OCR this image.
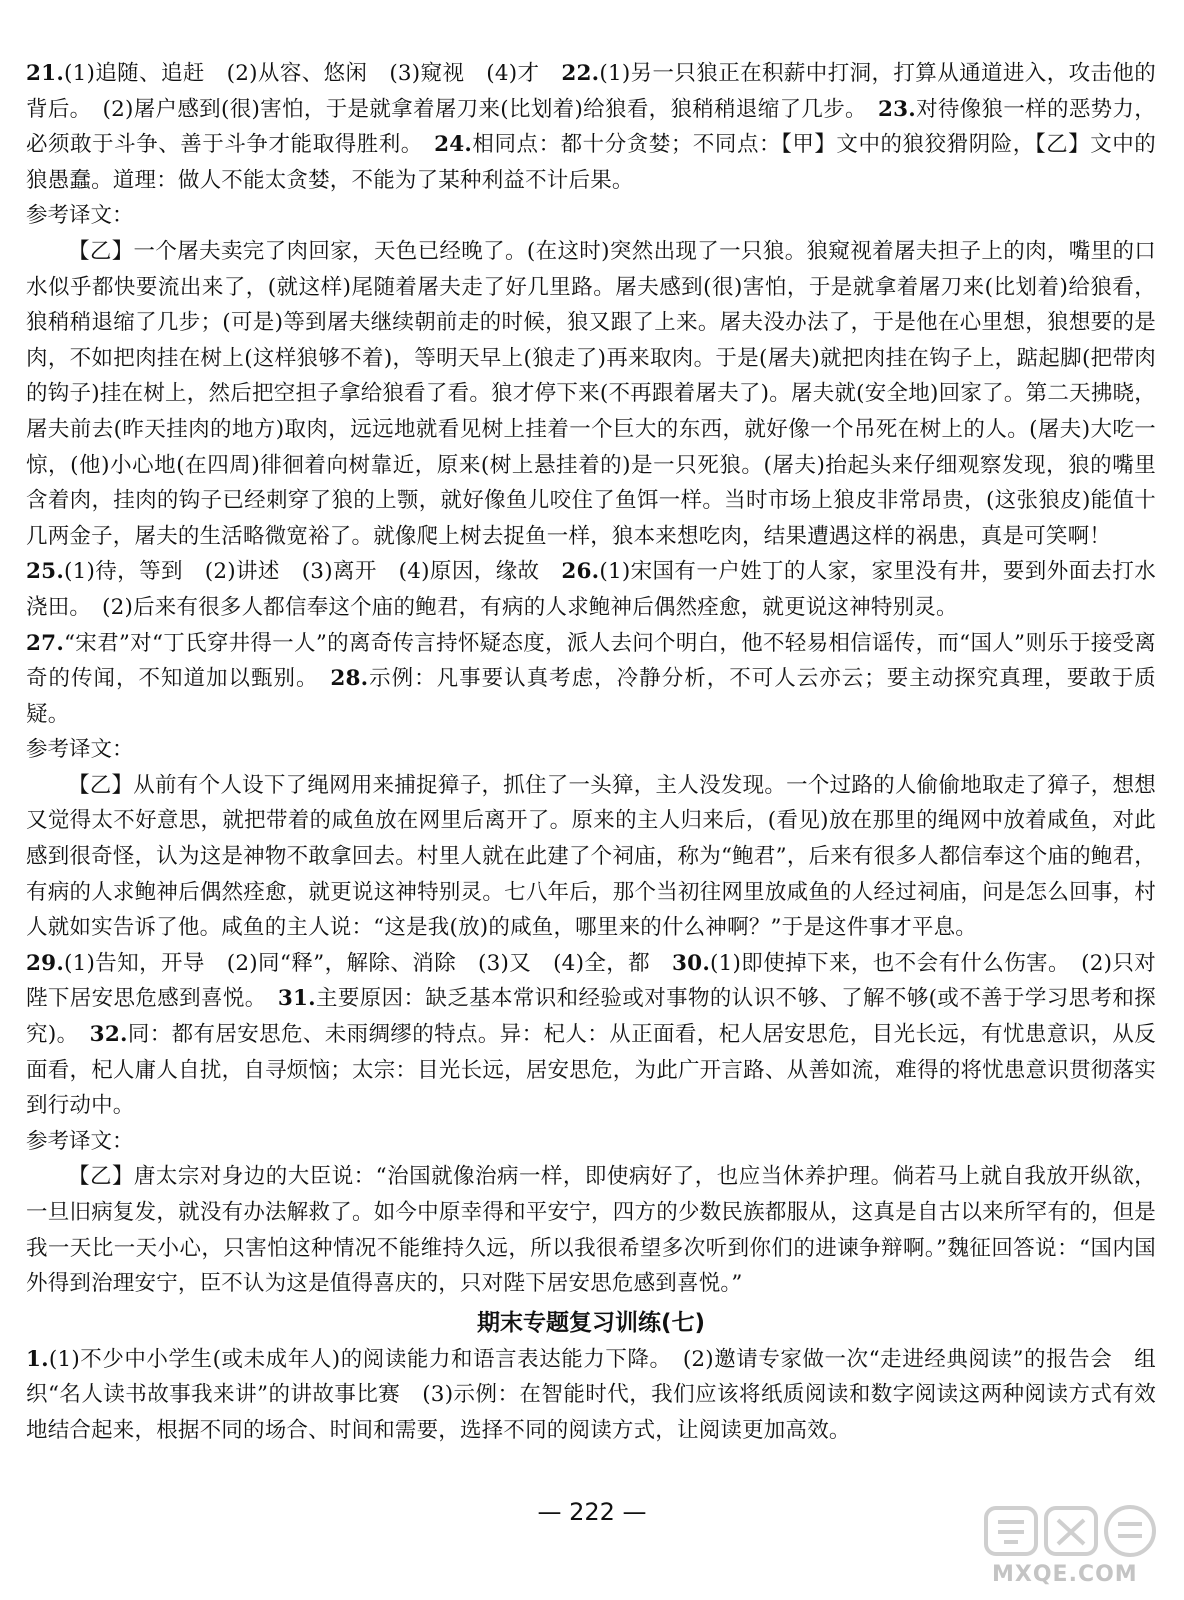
21.(1)追随、追赶　(2)从容、悠闲　(3)窥视　(4)才　22.(1)另一只狼正在积薪中打洞，打算从通道进入，攻击他的背后。　(2)屠户感到(很)害怕，于是就拿着屠刀来(比划着)给狼看，狼稍稍退缩了几步。　23.对待像狼一样的恶势力，必须敢于斗争、善于斗争才能取得胜利。　24.相同点：都十分贪婪；不同点：【甲】文中的狼狡猾阴险，【乙】文中的狼愚蠢。道理：做人不能太贪婪，不能为了某种利益不计后果。
参考译文：
【乙】一个屠夫卖完了肉回家，天色已经晚了。(在这时)突然出现了一只狼。狼窥视着屠夫担子上的肉，嘴里的口水似乎都快要流出来了，(就这样)尾随着屠夫走了好几里路。屠夫感到(很)害怕，于是就拿着屠刀来(比划着)给狼看，狼稍稍退缩了几步；(可是)等到屠夫继续朝前走的时候，狼又跟了上来。屠夫没办法了，于是他在心里想，狼想要的是肉，不如把肉挂在树上(这样狼够不着)，等明天早上(狼走了)再来取肉。于是(屠夫)就把肉挂在钩子上，踮起脚(把带肉的钩子)挂在树上，然后把空担子拿给狼看了看。狼才停下来(不再跟着屠夫了)。屠夫就(安全地)回家了。第二天拂晓，屠夫前去(昨天挂肉的地方)取肉，远远地就看见树上挂着一个巨大的东西，就好像一个吊死在树上的人。(屠夫)大吃一惊，(他)小心地(在四周)徘徊着向树靠近，原来(树上悬挂着的)是一只死狼。(屠夫)抬起头来仔细观察发现，狼的嘴里含着肉，挂肉的钩子已经刺穿了狼的上颚，就好像鱼儿咬住了鱼饵一样。当时市场上狼皮非常昂贵，(这张狼皮)能值十几两金子，屠夫的生活略微宽裕了。就像爬上树去捉鱼一样，狼本来想吃肉，结果遭遇这样的祸患，真是可笑啊！
25.(1)待，等到　(2)讲述　(3)离开　(4)原因，缘故　26.(1)宋国有一户姓丁的人家，家里没有井，要到外面去打水浇田。　(2)后来有很多人都信奉这个庙的鲍君，有病的人求鲍神后偶然痊愈，就更说这神特别灵。
27.“宋君”对“丁氏穿井得一人”的离奇传言持怀疑态度，派人去问个明白，他不轻易相信谣传，而“国人”则乐于接受离奇的传闻，不知道加以甄别。　28.示例：凡事要认真考虑，冷静分析，不可人云亦云；要主动探究真理，要敢于质疑。
参考译文：
【乙】从前有个人设下了绳网用来捕捉獐子，抓住了一头獐，主人没发现。一个过路的人偷偷地取走了獐子，想想又觉得太不好意思，就把带着的咸鱼放在网里后离开了。原来的主人归来后，(看见)放在那里的绳网中放着咸鱼，对此感到很奇怪，认为这是神物不敢拿回去。村里人就在此建了个祠庙，称为“鲍君”，后来有很多人都信奉这个庙的鲍君，有病的人求鲍神后偶然痊愈，就更说这神特别灵。七八年后，那个当初往网里放咸鱼的人经过祠庙，问是怎么回事，村人就如实告诉了他。咸鱼的主人说：“这是我(放)的咸鱼，哪里来的什么神啊？”于是这件事才平息。
29.(1)告知，开导　(2)同“释”，解除、消除　(3)又　(4)全，都　30.(1)即使掉下来，也不会有什么伤害。　(2)只对陛下居安思危感到喜悦。　31.主要原因：缺乏基本常识和经验或对事物的认识不够、了解不够(或不善于学习思考和探究)。　32.同：都有居安思危、未雨绸缪的特点。异：杞人：从正面看，杞人居安思危，目光长远，有忧患意识，从反面看，杞人庸人自扰，自寻烦恼；太宗：目光长远，居安思危，为此广开言路、从善如流，难得的将忧患意识贯彻落实到行动中。
参考译文：
【乙】唐太宗对身边的大臣说：“治国就像治病一样，即使病好了，也应当休养护理。倘若马上就自我放开纵欲，一旦旧病复发，就没有办法解救了。如今中原幸得和平安宁，四方的少数民族都服从，这真是自古以来所罕有的，但是我一天比一天小心，只害怕这种情况不能维持久远，所以我很希望多次听到你们的进谏争辩啊。”魏征回答说：“国内国外得到治理安宁，臣不认为这是值得喜庆的，只对陛下居安思危感到喜悦。”
期末专题复习训练(七)
1.(1)不少中小学生(或未成年人)的阅读能力和语言表达能力下降。　(2)邀请专家做一次“走进经典阅读”的报告会　组织“名人读书故事我来讲”的讲故事比赛　(3)示例：在智能时代，我们应该将纸质阅读和数字阅读这两种阅读方式有效地结合起来，根据不同的场合、时间和需要，选择不同的阅读方式，让阅读更加高效。
— 222 —
MXQE.COM
